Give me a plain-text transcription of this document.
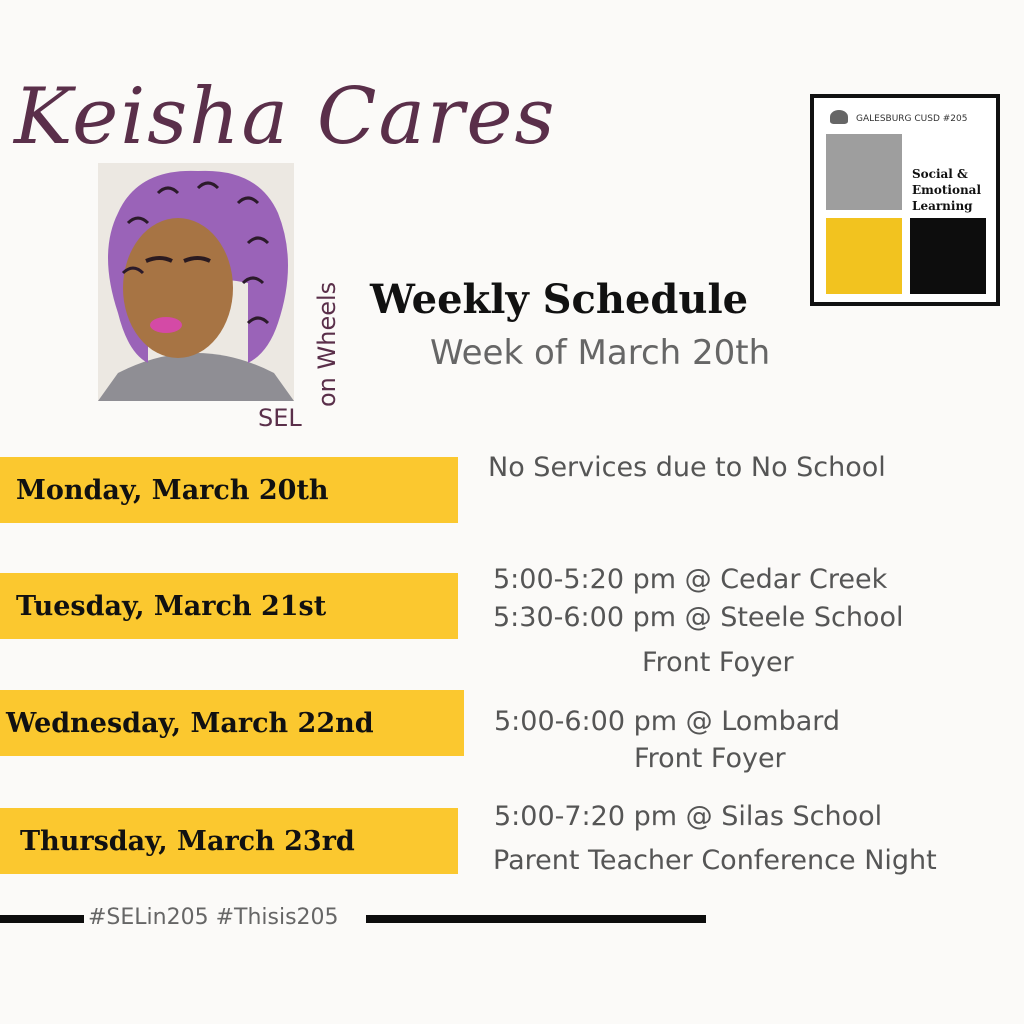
Keisha Cares
on Wheels
SEL
Weekly Schedule
Week of March 20th
GALESBURG CUSD #205
Social &
Emotional
Learning
Monday, March 20th
No Services due to No School
Tuesday, March 21st
5:00-5:20 pm @ Cedar Creek
5:30-6:00 pm @ Steele School
Front Foyer
Wednesday, March 22nd	5:00-6:00 pm @ Lombard
Front Foyer
Thursday, March 23rd
5:00-7:20 pm @ Silas School
Parent Teacher Conference Night
#SELin205 #Thisis205
